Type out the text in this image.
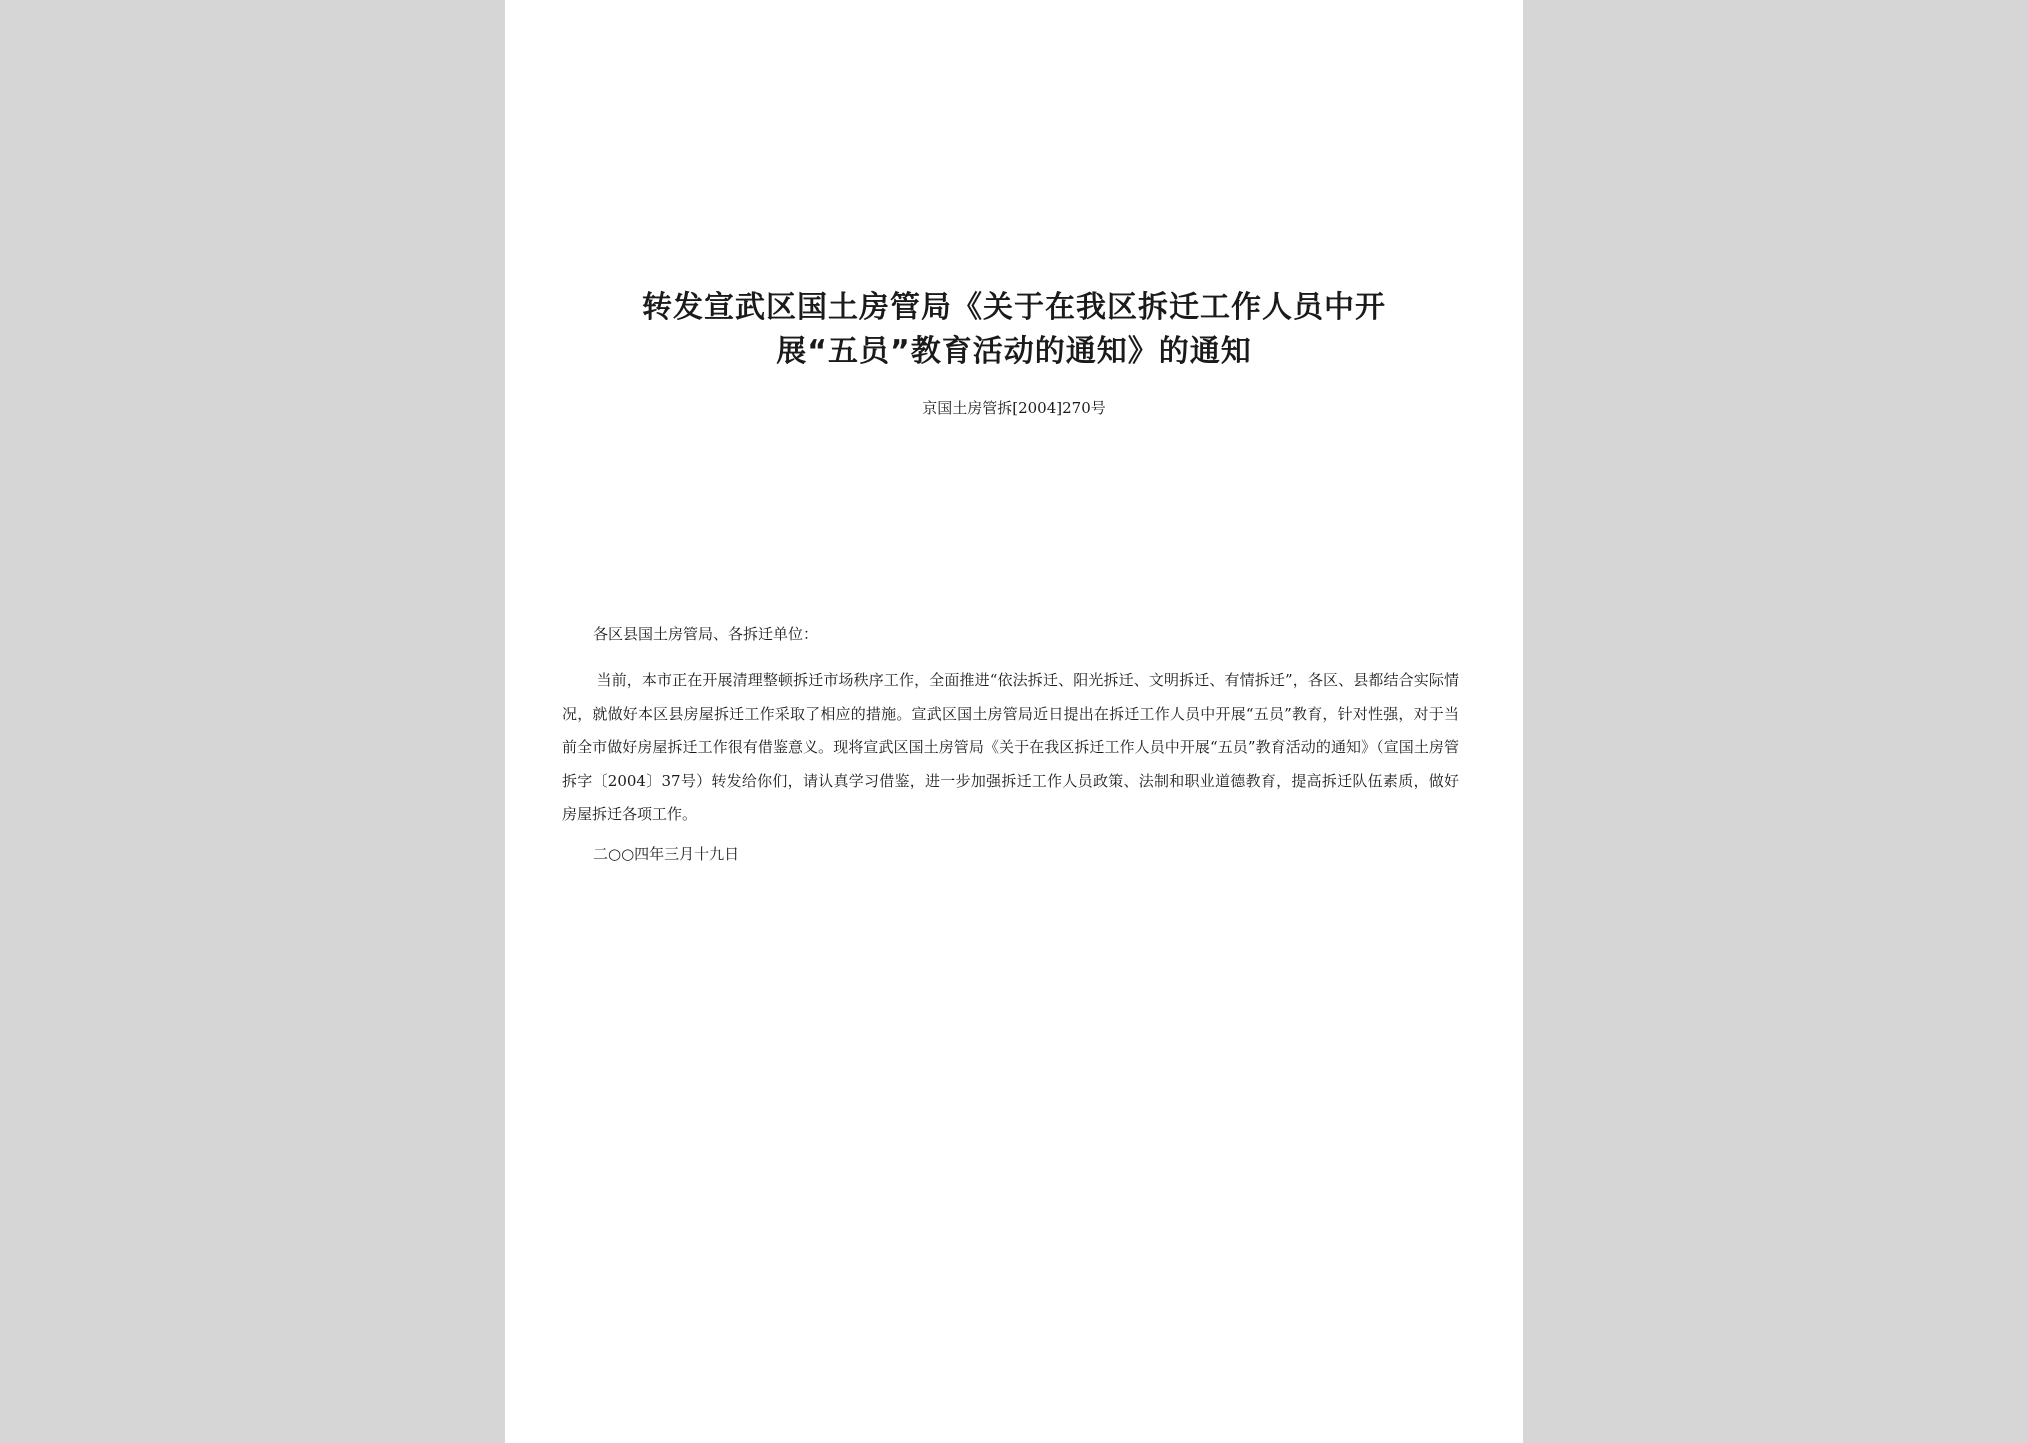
转发宣武区国土房管局《关于在我区拆迁工作人员中开
展“五员”教育活动的通知》的通知
京国土房管拆[2004]270号
各区县国土房管局、各拆迁单位：

当前，本市正在开展清理整顿拆迁市场秩序工作，全面推进“依法拆迁、阳光拆迁、文明拆迁、有情拆迁”，各区、县都结合实际情况，就做好本区县房屋拆迁工作采取了相应的措施。宣武区国土房管局近日提出在拆迁工作人员中开展“五员”教育，针对性强，对于当前全市做好房屋拆迁工作很有借鉴意义。现将宣武区国土房管局《关于在我区拆迁工作人员中开展“五员”教育活动的通知》（宣国土房管拆字〔2004〕37号）转发给你们，请认真学习借鉴，进一步加强拆迁工作人员政策、法制和职业道德教育，提高拆迁队伍素质，做好房屋拆迁各项工作。

二○○四年三月十九日
